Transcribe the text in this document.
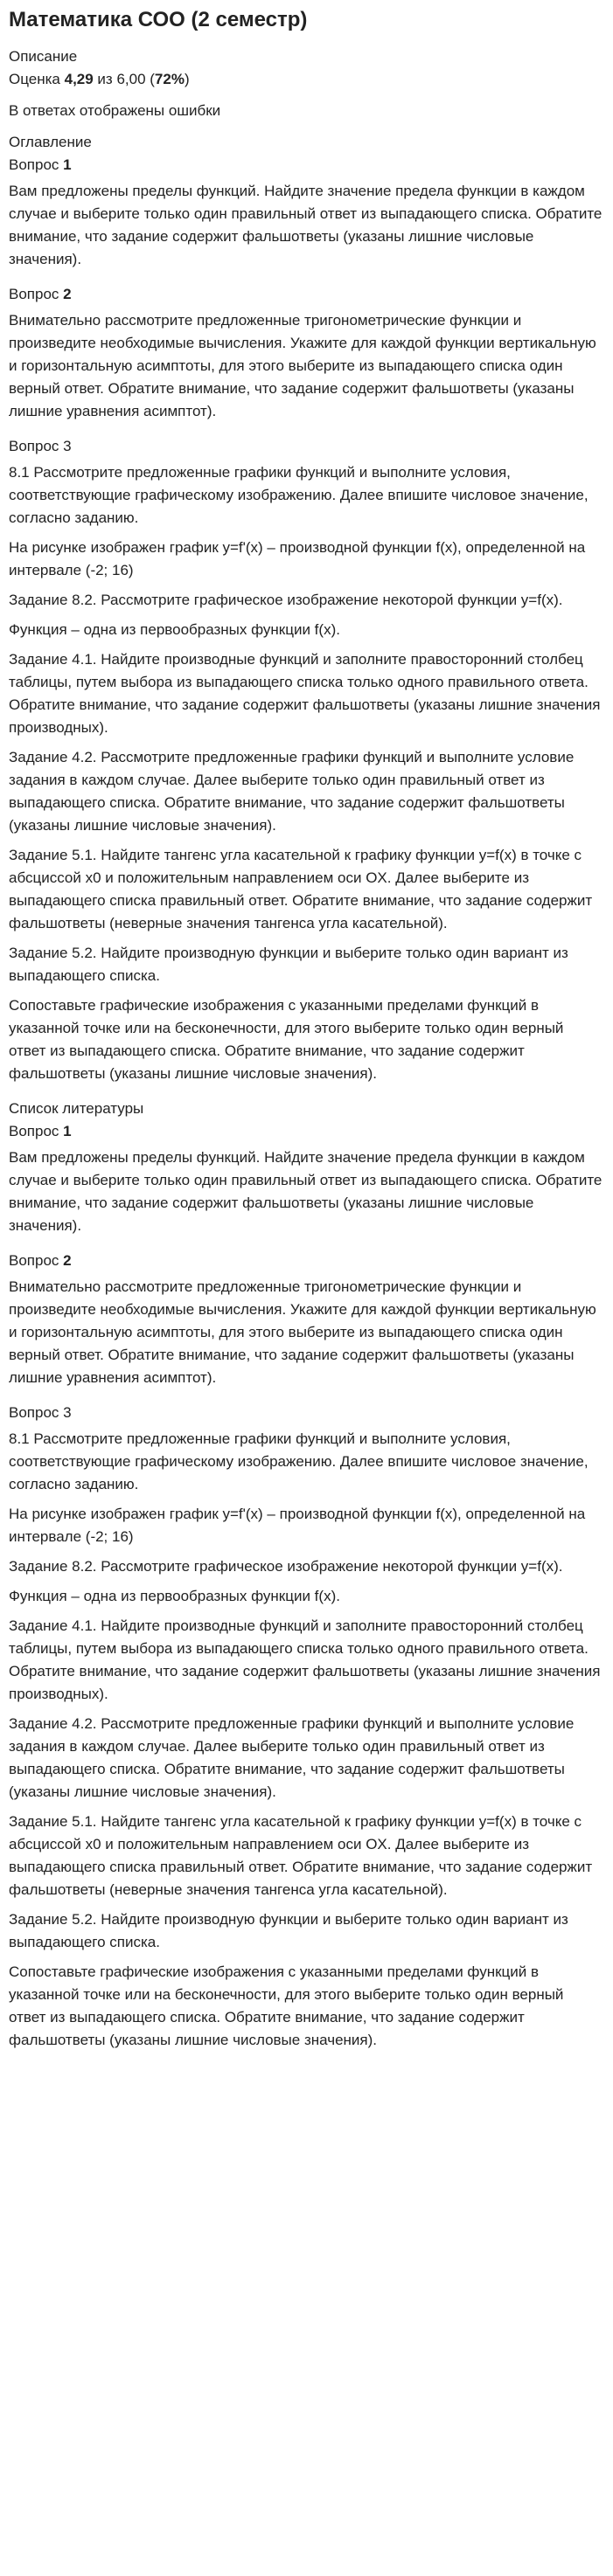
Математика СОО (2 семестр)

Описание

Оценка 4,29 из 6,00 (72%)

В ответах отображены ошибки

Оглавление

Вопрос 1

Вам предложены пределы функций. Найдите значение предела функции в каждом случае и выберите только один правильный ответ из выпадающего списка. Обратите внимание, что задание содержит фальшответы (указаны лишние числовые значения).

Вопрос 2

Внимательно рассмотрите предложенные тригонометрические функции и произведите необходимые вычисления. Укажите для каждой функции вертикальную и горизонтальную асимптоты, для этого выберите из выпадающего списка один верный ответ. Обратите внимание, что задание содержит фальшответы (указаны лишние уравнения асимптот).

Вопрос 3

8.1 Рассмотрите предложенные графики функций и выполните условия, соответствующие графическому изображению. Далее впишите числовое значение, согласно заданию.

На рисунке изображен график y=f'(x) – производной функции f(x), определенной на интервале (-2; 16)

Задание 8.2. Рассмотрите графическое изображение некоторой функции y=f(x).

Функция – одна из первообразных функции f(x).

Задание 4.1. Найдите производные функций и заполните правосторонний столбец таблицы, путем выбора из выпадающего списка только одного правильного ответа. Обратите внимание, что задание содержит фальшответы (указаны лишние значения производных).

Задание 4.2. Рассмотрите предложенные графики функций и выполните условие задания в каждом случае. Далее выберите только один правильный ответ из выпадающего списка. Обратите внимание, что задание содержит фальшответы (указаны лишние числовые значения).

Задание 5.1. Найдите тангенс угла касательной к графику функции y=f(x) в точке с абсциссой x0 и положительным направлением оси OX. Далее выберите из выпадающего списка правильный ответ. Обратите внимание, что задание содержит фальшответы (неверные значения тангенса угла касательной).

Задание 5.2. Найдите производную функции и выберите только один вариант из выпадающего списка.

Сопоставьте графические изображения с указанными пределами функций в указанной точке или на бесконечности, для этого выберите только один верный ответ из выпадающего списка. Обратите внимание, что задание содержит фальшответы (указаны лишние числовые значения).

Список литературы

Вопрос 1

Вам предложены пределы функций. Найдите значение предела функции в каждом случае и выберите только один правильный ответ из выпадающего списка. Обратите внимание, что задание содержит фальшответы (указаны лишние числовые значения).

Вопрос 2

Внимательно рассмотрите предложенные тригонометрические функции и произведите необходимые вычисления. Укажите для каждой функции вертикальную и горизонтальную асимптоты, для этого выберите из выпадающего списка один верный ответ. Обратите внимание, что задание содержит фальшответы (указаны лишние уравнения асимптот).

Вопрос 3

8.1 Рассмотрите предложенные графики функций и выполните условия, соответствующие графическому изображению. Далее впишите числовое значение, согласно заданию.

На рисунке изображен график y=f'(x) – производной функции f(x), определенной на интервале (-2; 16)

Задание 8.2. Рассмотрите графическое изображение некоторой функции y=f(x).

Функция – одна из первообразных функции f(x).

Задание 4.1. Найдите производные функций и заполните правосторонний столбец таблицы, путем выбора из выпадающего списка только одного правильного ответа. Обратите внимание, что задание содержит фальшответы (указаны лишние значения производных).

Задание 4.2. Рассмотрите предложенные графики функций и выполните условие задания в каждом случае. Далее выберите только один правильный ответ из выпадающего списка. Обратите внимание, что задание содержит фальшответы (указаны лишние числовые значения).

Задание 5.1. Найдите тангенс угла касательной к графику функции y=f(x) в точке с абсциссой x0 и положительным направлением оси OX. Далее выберите из выпадающего списка правильный ответ. Обратите внимание, что задание содержит фальшответы (неверные значения тангенса угла касательной).

Задание 5.2. Найдите производную функции и выберите только один вариант из выпадающего списка.

Сопоставьте графические изображения с указанными пределами функций в указанной точке или на бесконечности, для этого выберите только один верный ответ из выпадающего списка. Обратите внимание, что задание содержит фальшответы (указаны лишние числовые значения).
